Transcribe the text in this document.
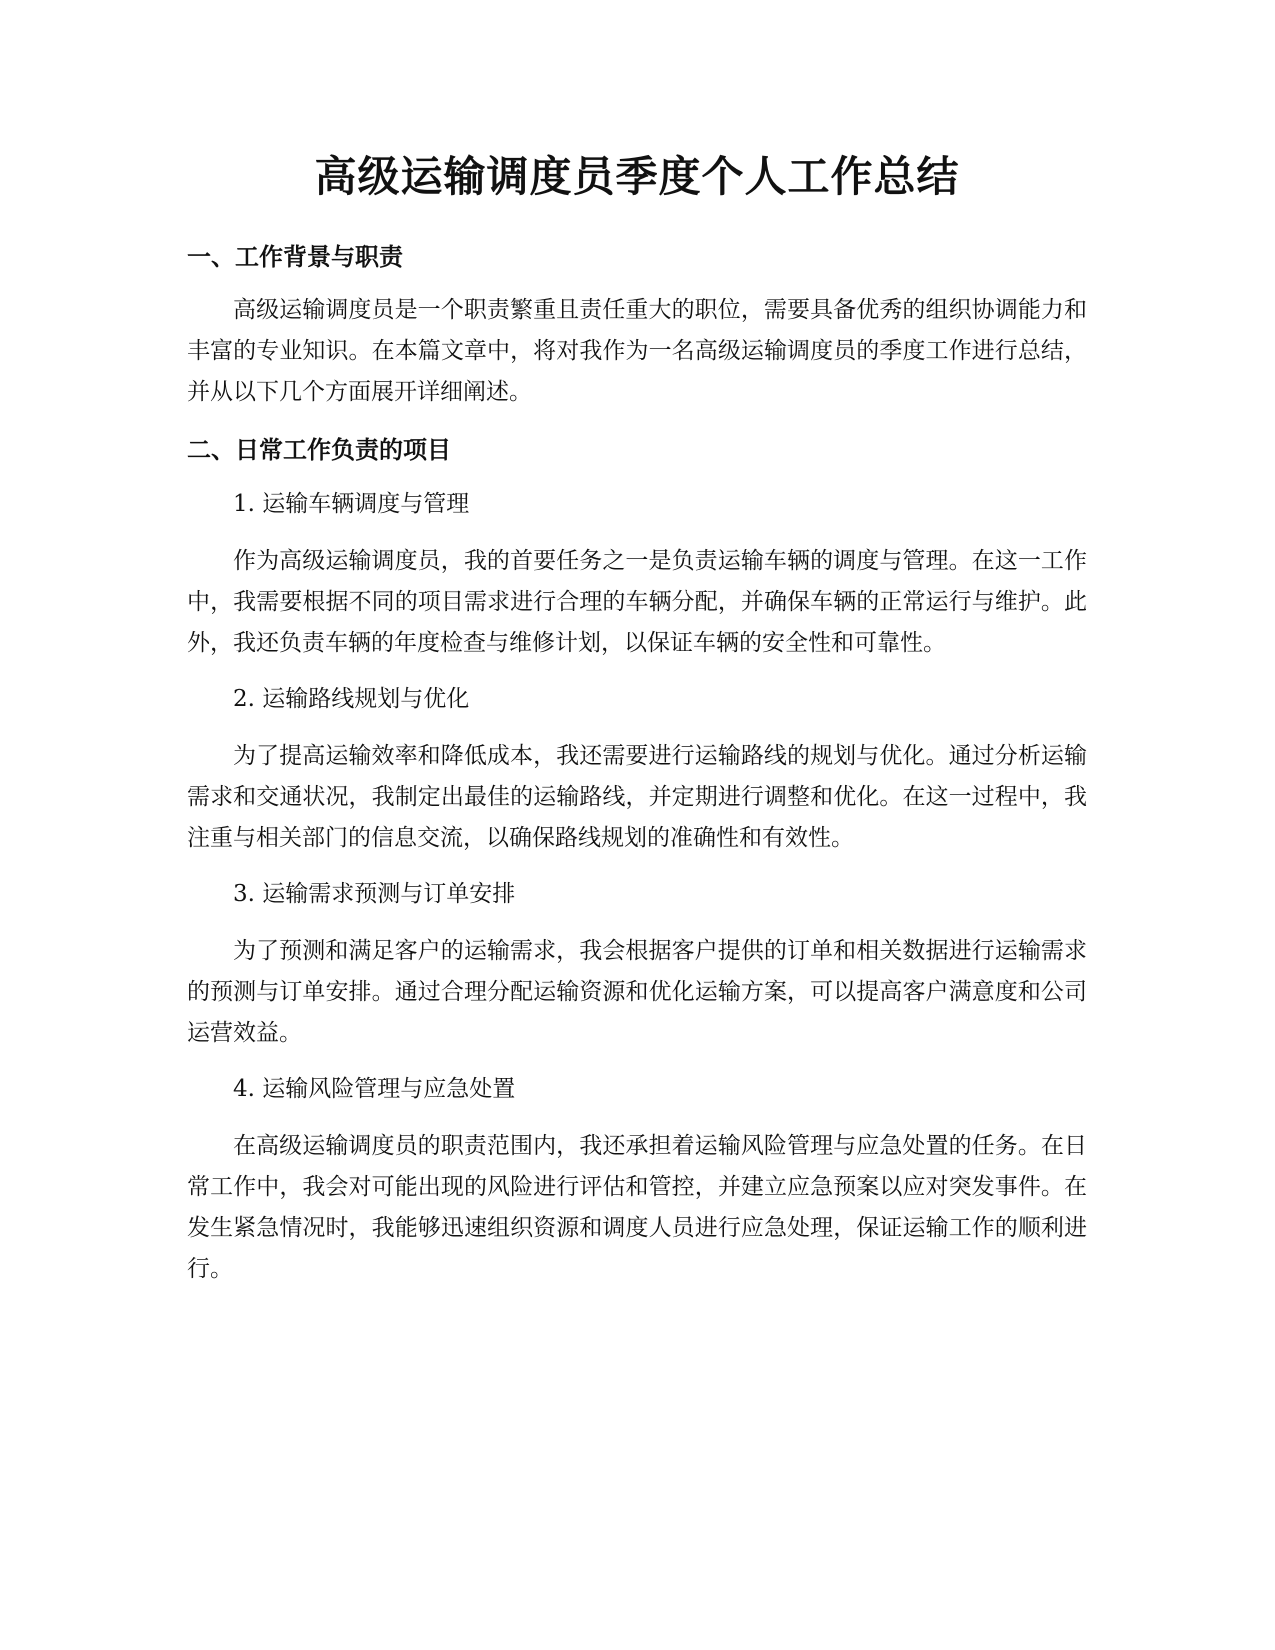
高级运输调度员季度个人工作总结
一、工作背景与职责

高级运输调度员是一个职责繁重且责任重大的职位，需要具备优秀的组织协调能力和丰富的专业知识。在本篇文章中，将对我作为一名高级运输调度员的季度工作进行总结，并从以下几个方面展开详细阐述。

二、日常工作负责的项目
1. 运输车辆调度与管理

作为高级运输调度员，我的首要任务之一是负责运输车辆的调度与管理。在这一工作中，我需要根据不同的项目需求进行合理的车辆分配，并确保车辆的正常运行与维护。此外，我还负责车辆的年度检查与维修计划，以保证车辆的安全性和可靠性。

2. 运输路线规划与优化

为了提高运输效率和降低成本，我还需要进行运输路线的规划与优化。通过分析运输需求和交通状况，我制定出最佳的运输路线，并定期进行调整和优化。在这一过程中，我注重与相关部门的信息交流，以确保路线规划的准确性和有效性。

3. 运输需求预测与订单安排

为了预测和满足客户的运输需求，我会根据客户提供的订单和相关数据进行运输需求的预测与订单安排。通过合理分配运输资源和优化运输方案，可以提高客户满意度和公司运营效益。

4. 运输风险管理与应急处置

在高级运输调度员的职责范围内，我还承担着运输风险管理与应急处置的任务。在日常工作中，我会对可能出现的风险进行评估和管控，并建立应急预案以应对突发事件。在发生紧急情况时，我能够迅速组织资源和调度人员进行应急处理，保证运输工作的顺利进行。
